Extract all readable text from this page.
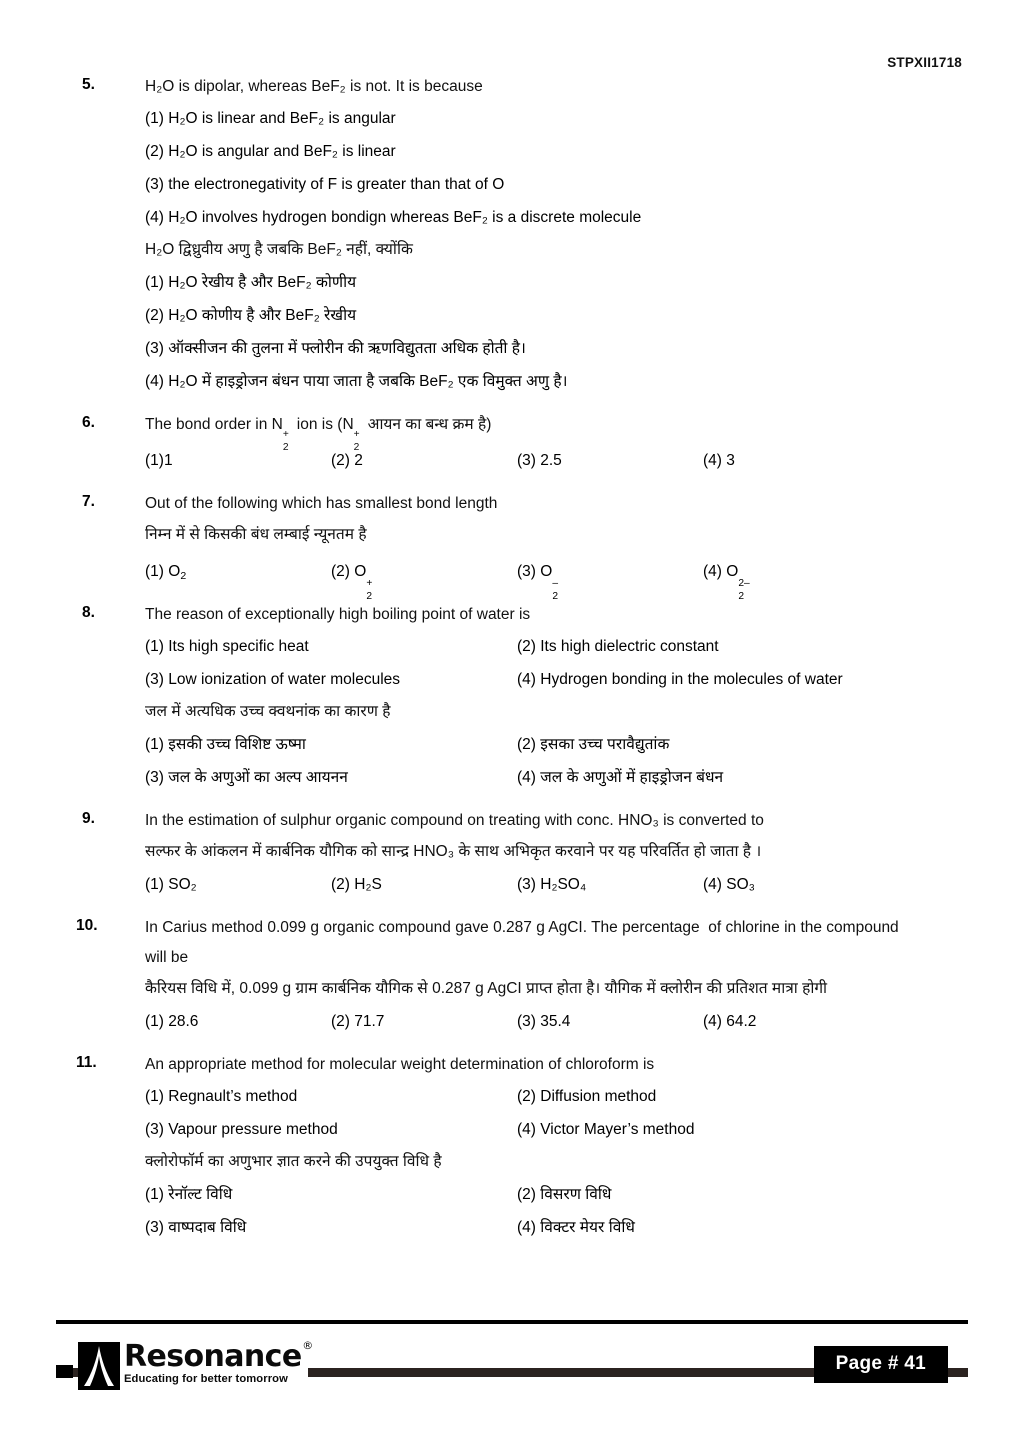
STPXII1718
5.	H₂O is dipolar, whereas BeF₂ is not. It is because
(1) H₂O is linear and BeF₂ is angular
(2) H₂O is angular and BeF₂ is linear
(3) the electronegativity of F is greater than that of O
(4) H₂O involves hydrogen bondign whereas BeF₂ is a discrete molecule
H₂O द्विध्रुवीय अणु है जबकि BeF₂ नहीं, क्योंकि
(1) H₂O रेखीय है और BeF₂ कोणीय
(2) H₂O कोणीय है और BeF₂ रेखीय
(3) ऑक्सीजन की तुलना में फ्लोरीन की ऋणविद्युतता अधिक होती है।
(4) H₂O में हाइड्रोजन बंधन पाया जाता है जबकि BeF₂ एक विमुक्त अणु है।
6.	The bond order in N
+
2
ion is (N
+
2
आयन का बन्ध क्रम है)
(1)1	(2) 2	(3) 2.5	(4) 3
7.	Out of the following which has smallest bond length
निम्न में से किसकी बंध लम्बाई न्यूनतम है
(1) $O_2$	(2) O
+
2
(3) O
–
2
(4) O
2–
2
8.	The reason of exceptionally high boiling point of water is
(1) Its high specific heat	(2) Its high dielectric constant
(3) Low ionization of water molecules	(4) Hydrogen bonding in the molecules of water
जल में अत्यधिक उच्च क्वथनांक का कारण है
(1) इसकी उच्च विशिष्ट ऊष्मा	(2) इसका उच्च परावैद्युतांक
(3) जल के अणुओं का अल्प आयनन	(4) जल के अणुओं में हाइड्रोजन बंधन
9.	In the estimation of sulphur organic compound on treating with conc. HNO₃ is converted to
सल्फर के आंकलन में कार्बनिक यौगिक को सान्द्र HNO₃ के साथ अभिकृत करवाने पर यह परिवर्तित हो जाता है ।
(1) SO₂	(2) H₂S	(3) H₂SO₄	(4) SO₃
10.	In Carius method 0.099 g organic compound gave 0.287 g AgCI. The percentage  of chlorine in the compound
will be
कैरियस विधि में, 0.099 g ग्राम कार्बनिक यौगिक से 0.287 g AgCI प्राप्त होता है। यौगिक में क्लोरीन की प्रतिशत मात्रा होगी
(1) 28.6	(2) 71.7	(3) 35.4	(4) 64.2
11.	An appropriate method for molecular weight determination of chloroform is
(1) Regnault’s method	(2) Diffusion method
(3) Vapour pressure method	(4) Victor Mayer’s method
क्लोरोफॉर्म का अणुभार ज्ञात करने की उपयुक्त विधि है
(1) रेनॉल्ट विधि	(2) विसरण विधि
(3) वाष्पदाब विधि	(4) विक्टर मेयर विधि
Resonance ®
Educating for better tomorrow
Page # 41
